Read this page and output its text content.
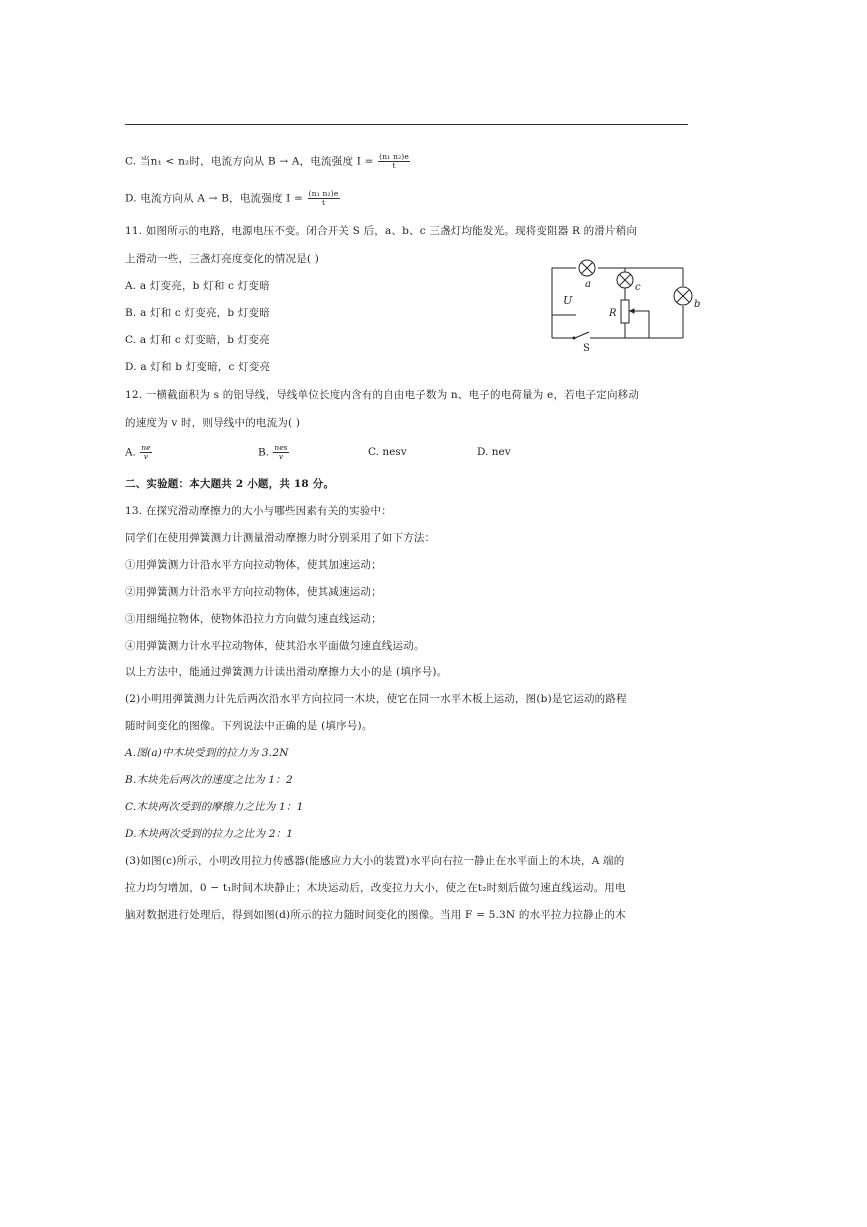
C. 当n₁ < n₂时，电流方向从 B → A，电流强度 $I = \frac{\text{(n₁ n₂)e}}{t}$
D. 电流方向从 A → B，电流强度 $I = \frac{\text{(n₁ n₂)e}}{t}$
11. 如图所示的电路，电源电压不变。闭合开关 S 后，a、b、c 三盏灯均能发光。现将变阻器 R 的滑片稍向
上滑动一些，三盏灯亮度变化的情况是( )
A. a 灯变亮，b 灯和 c 灯变暗
B. a 灯和 c 灯变亮，b 灯变暗
C. a 灯和 c 灯变暗，b 灯变亮
D. a 灯和 b 灯变暗，c 灯变亮
U
a	c
b
R
S
12. 一横截面积为 s 的铝导线，导线单位长度内含有的自由电子数为 n、电子的电荷量为 e，若电子定向移动
的速度为 v 时，则导线中的电流为( )
A. $\frac{ne}{v}$	B. $\frac{\text{nes}}{v}$	C. nesv	D. nev
二、实验题：本大题共 2 小题，共 18 分。
13. 在探究滑动摩擦力的大小与哪些因素有关的实验中：
同学们在使用弹簧测力计测量滑动摩擦力时分别采用了如下方法：
①用弹簧测力计沿水平方向拉动物体，使其加速运动；
②用弹簧测力计沿水平方向拉动物体，使其减速运动；
③用细绳拉物体，使物体沿拉力方向做匀速直线运动；
④用弹簧测力计水平拉动物体，使其沿水平面做匀速直线运动。
以上方法中，能通过弹簧测力计读出滑动摩擦力大小的是 (填序号)。
(2)小明用弹簧测力计先后两次沿水平方向拉同一木块，使它在同一水平木板上运动，图(b)是它运动的路程
随时间变化的图像。下列说法中正确的是 (填序号)。
A.图(a)中木块受到的拉力为 3.2N
B.木块先后两次的速度之比为 1：2
C.木块两次受到的摩擦力之比为 1：1
D.木块两次受到的拉力之比为 2：1
(3)如图(c)所示，小明改用拉力传感器(能感应力大小的装置)水平向右拉一静止在水平面上的木块，A 端的
拉力均匀增加，0 − t₁时间木块静止；木块运动后，改变拉力大小，使之在t₂时刻后做匀速直线运动。用电
脑对数据进行处理后，得到如图(d)所示的拉力随时间变化的图像。当用 F = 5.3N 的水平拉力拉静止的木
